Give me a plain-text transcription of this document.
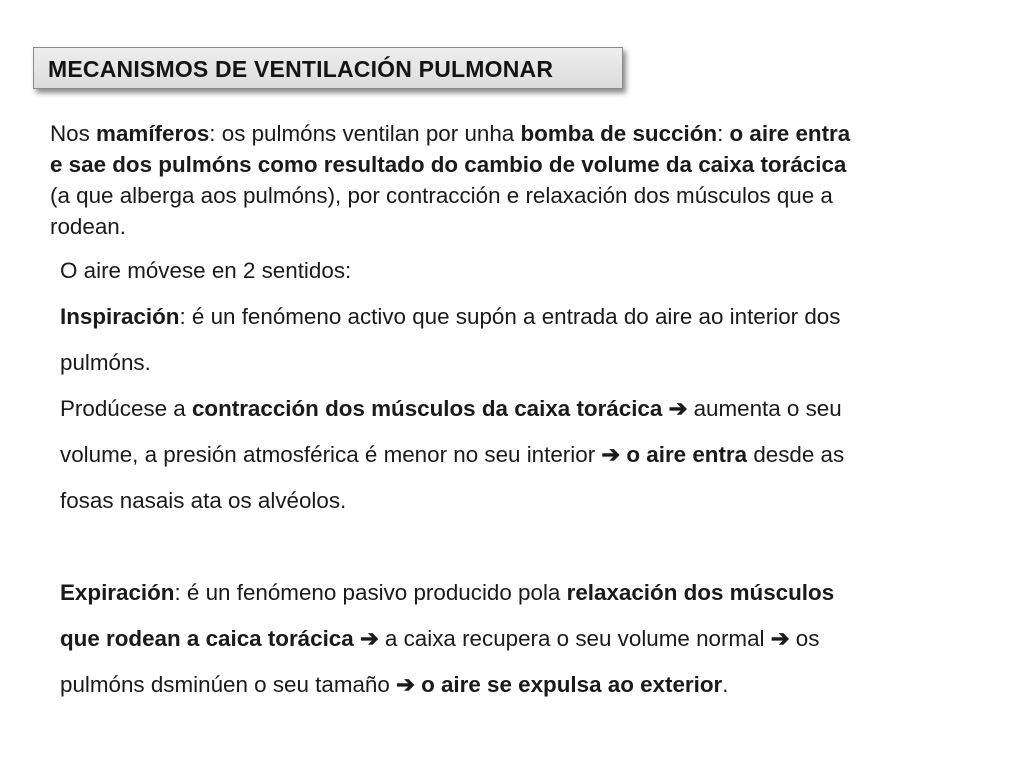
MECANISMOS DE VENTILACIÓN PULMONAR
Nos mamíferos: os pulmóns ventilan por unha bomba de succión: o aire entra
e sae dos pulmóns como resultado do cambio de volume da caixa torácica
(a que alberga aos pulmóns), por contracción e relaxación dos músculos que a
rodean.
O aire móvese en 2 sentidos:
Inspiración: é un fenómeno activo que supón a entrada do aire ao interior dos
pulmóns.
Prodúcese a contracción dos músculos da caixa torácica ➔ aumenta o seu
volume, a presión atmosférica é menor no seu interior ➔ o aire entra desde as
fosas nasais ata os alvéolos.
Expiración: é un fenómeno pasivo producido pola relaxación dos músculos
que rodean a caica torácica ➔ a caixa recupera o seu volume normal ➔ os
pulmóns dsminúen o seu tamaño ➔ o aire se expulsa ao exterior.
